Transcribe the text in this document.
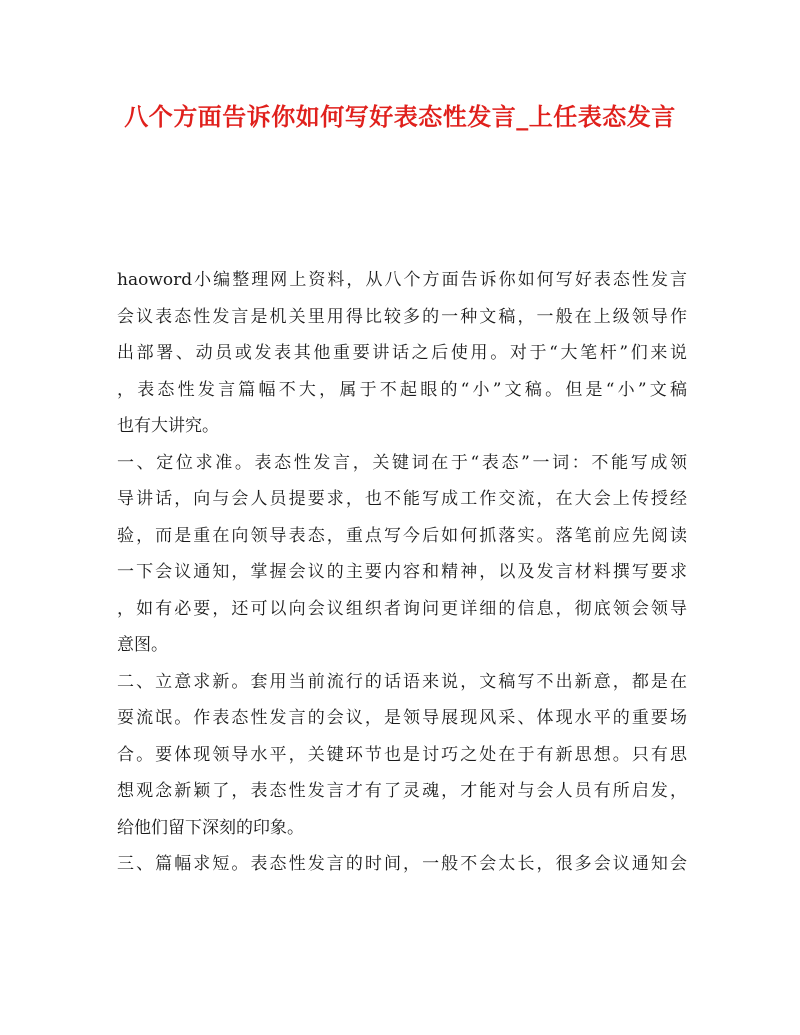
八个方面告诉你如何写好表态性发言_上任表态发言
haoword小编整理网上资料，从八个方面告诉你如何写好表态性发言
会议表态性发言是机关里用得比较多的一种文稿，一般在上级领导作
出部署、动员或发表其他重要讲话之后使用。对于“大笔杆”们来说
，表态性发言篇幅不大，属于不起眼的“小”文稿。但是“小”文稿
也有大讲究。
一、定位求准。表态性发言，关键词在于“表态”一词：不能写成领
导讲话，向与会人员提要求，也不能写成工作交流，在大会上传授经
验，而是重在向领导表态，重点写今后如何抓落实。落笔前应先阅读
一下会议通知，掌握会议的主要内容和精神，以及发言材料撰写要求
，如有必要，还可以向会议组织者询问更详细的信息，彻底领会领导
意图。
二、立意求新。套用当前流行的话语来说，文稿写不出新意，都是在
耍流氓。作表态性发言的会议，是领导展现风采、体现水平的重要场
合。要体现领导水平，关键环节也是讨巧之处在于有新思想。只有思
想观念新颖了，表态性发言才有了灵魂，才能对与会人员有所启发，
给他们留下深刻的印象。
三、篇幅求短。表态性发言的时间，一般不会太长，很多会议通知会
